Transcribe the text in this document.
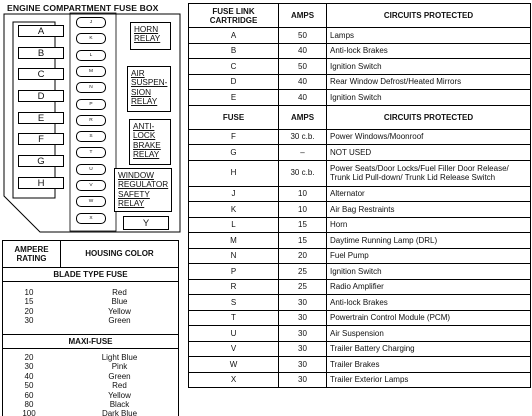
ENGINE COMPARTMENT FUSE BOX
A
B
C
D
E
F
G
H
J
K
L
M
N
P
R
S
T
U
V
W
X	Y
HORN
RELAY
AIR
SUSPEN-
SION
RELAY
ANTI-
LOCK
BRAKE
RELAY
WINDOW
REGULATOR
SAFETY
RELAY
AMPERE RATING
HOUSING COLOR
BLADE TYPE FUSE
10	Red
15	Blue
20	Yellow
30	Green
MAXI-FUSE
20	Light Blue
30	Pink
40	Green
50	Red
60	Yellow
80	Black
100	Dark Blue
FUSE LINK CARTRIDGE	AMPS	CIRCUITS PROTECTED
A	50	Lamps
B	40	Anti-lock Brakes
C	50	Ignition Switch
D	40	Rear Window Defrost/Heated Mirrors
E	40	Ignition Switch
FUSE	AMPS	CIRCUITS PROTECTED
F	30 c.b.	Power Windows/Moonroof
G	–	NOT USED
H	30 c.b.	Power Seats/Door Locks/Fuel Filler Door Release/ Trunk Lid Pull-down/ Trunk Lid Release Switch
J	10	Alternator
K	10	Air Bag Restraints
L	15	Horn
M	15	Daytime Running Lamp (DRL)
N	20	Fuel Pump
P	25	Ignition Switch
R	25	Radio Amplifier
S	30	Anti-lock Brakes
T	30	Powertrain Control Module (PCM)
U	30	Air Suspension
V	30	Trailer Battery Charging
W	30	Trailer Brakes
X	30	Trailer Exterior Lamps
